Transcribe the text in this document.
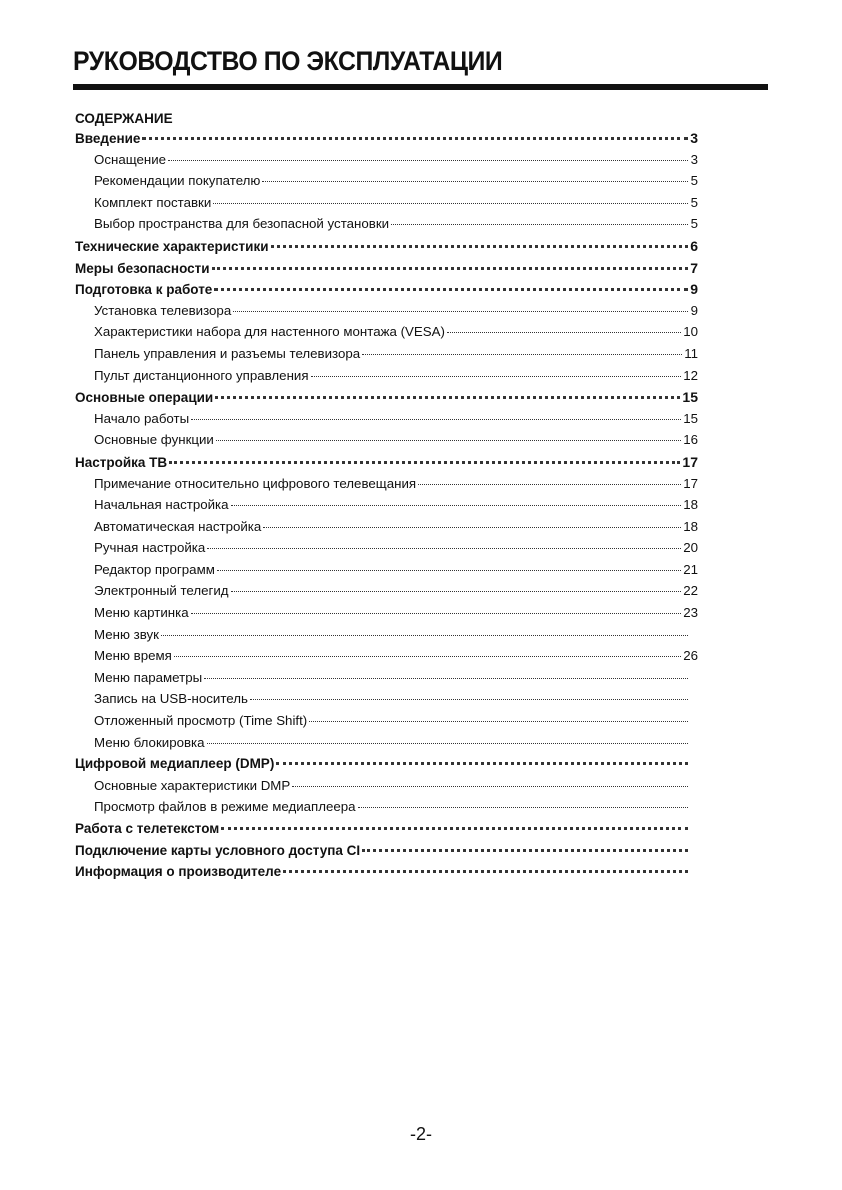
РУКОВОДСТВО ПО ЭКСПЛУАТАЦИИ
СОДЕРЖАНИЕ
Введение	3
Оснащение	3
Рекомендации покупателю	5
Комплект поставки	5
Выбор пространства для безопасной установки	5
Технические характеристики	6
Меры безопасности	7
Подготовка к работе	9
Установка телевизора	9
Характеристики набора для настенного монтажа (VESA)	10
Панель управления и разъемы телевизора	11
Пульт дистанционного управления	12
Основные операции	15
Начало работы	15
Основные функции	16
Настройка ТВ	17
Примечание относительно цифрового телевещания	17
Начальная настройка	18
Автоматическая настройка	18
Ручная настройка	20
Редактор программ	21
Электронный телегид	22
Меню картинка	23
Меню звук
Меню время	26
Меню параметры
Запись на USB-носитель
Отложенный просмотр (Time Shift)
Меню блокировка
Цифровой медиаплеер (DMP)
Основные характеристики DMP
Просмотр файлов в режиме медиаплеера
Работа с телетекстом
Подключение карты условного доступа CI
Информация о производителе
-2-
